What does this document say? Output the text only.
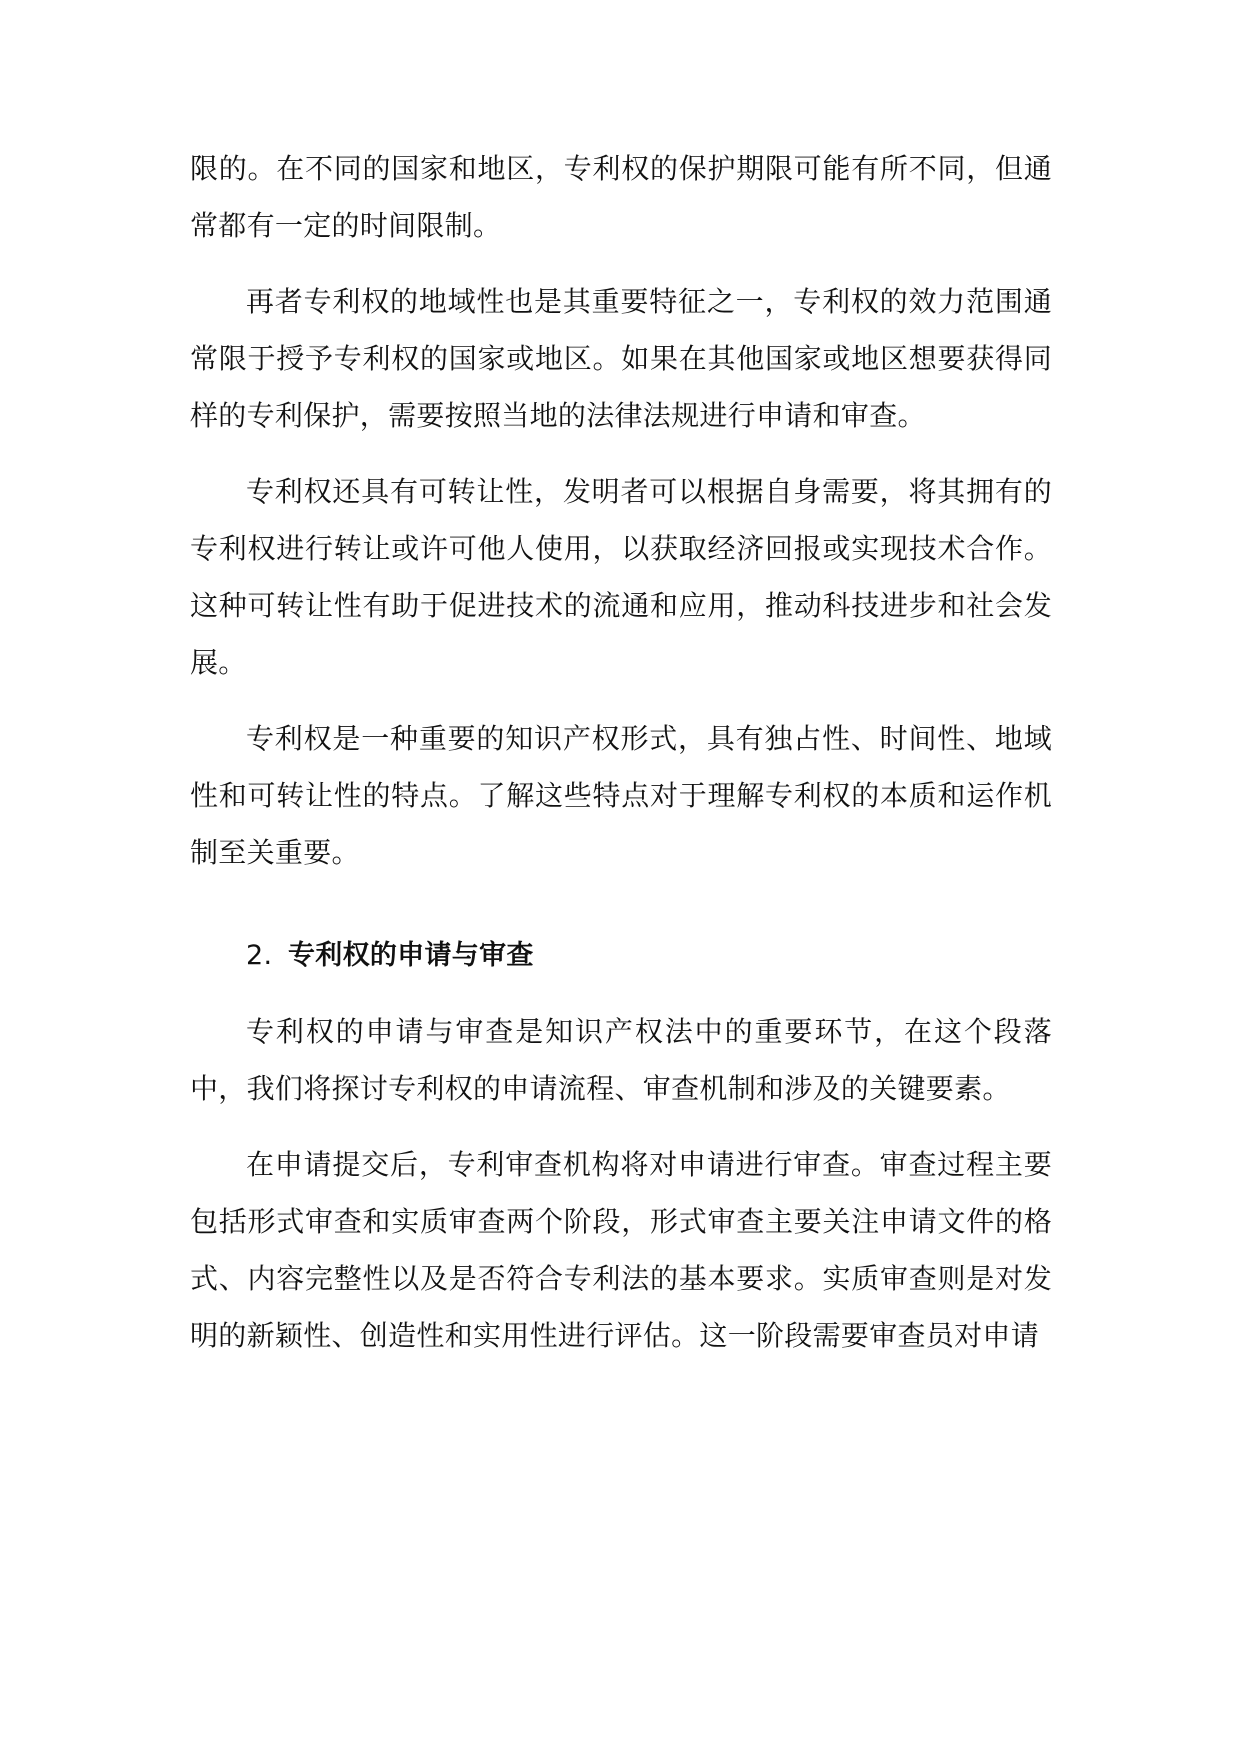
限的。在不同的国家和地区，专利权的保护期限可能有所不同，但通常都有一定的时间限制。

再者专利权的地域性也是其重要特征之一，专利权的效力范围通常限于授予专利权的国家或地区。如果在其他国家或地区想要获得同样的专利保护，需要按照当地的法律法规进行申请和审查。

专利权还具有可转让性，发明者可以根据自身需要，将其拥有的专利权进行转让或许可他人使用，以获取经济回报或实现技术合作。这种可转让性有助于促进技术的流通和应用，推动科技进步和社会发展。

专利权是一种重要的知识产权形式，具有独占性、时间性、地域性和可转让性的特点。了解这些特点对于理解专利权的本质和运作机制至关重要。

2. 专利权的申请与审查

专利权的申请与审查是知识产权法中的重要环节，在这个段落中，我们将探讨专利权的申请流程、审查机制和涉及的关键要素。

在申请提交后，专利审查机构将对申请进行审查。审查过程主要包括形式审查和实质审查两个阶段，形式审查主要关注申请文件的格式、内容完整性以及是否符合专利法的基本要求。实质审查则是对发明的新颖性、创造性和实用性进行评估。这一阶段需要审查员对申请
